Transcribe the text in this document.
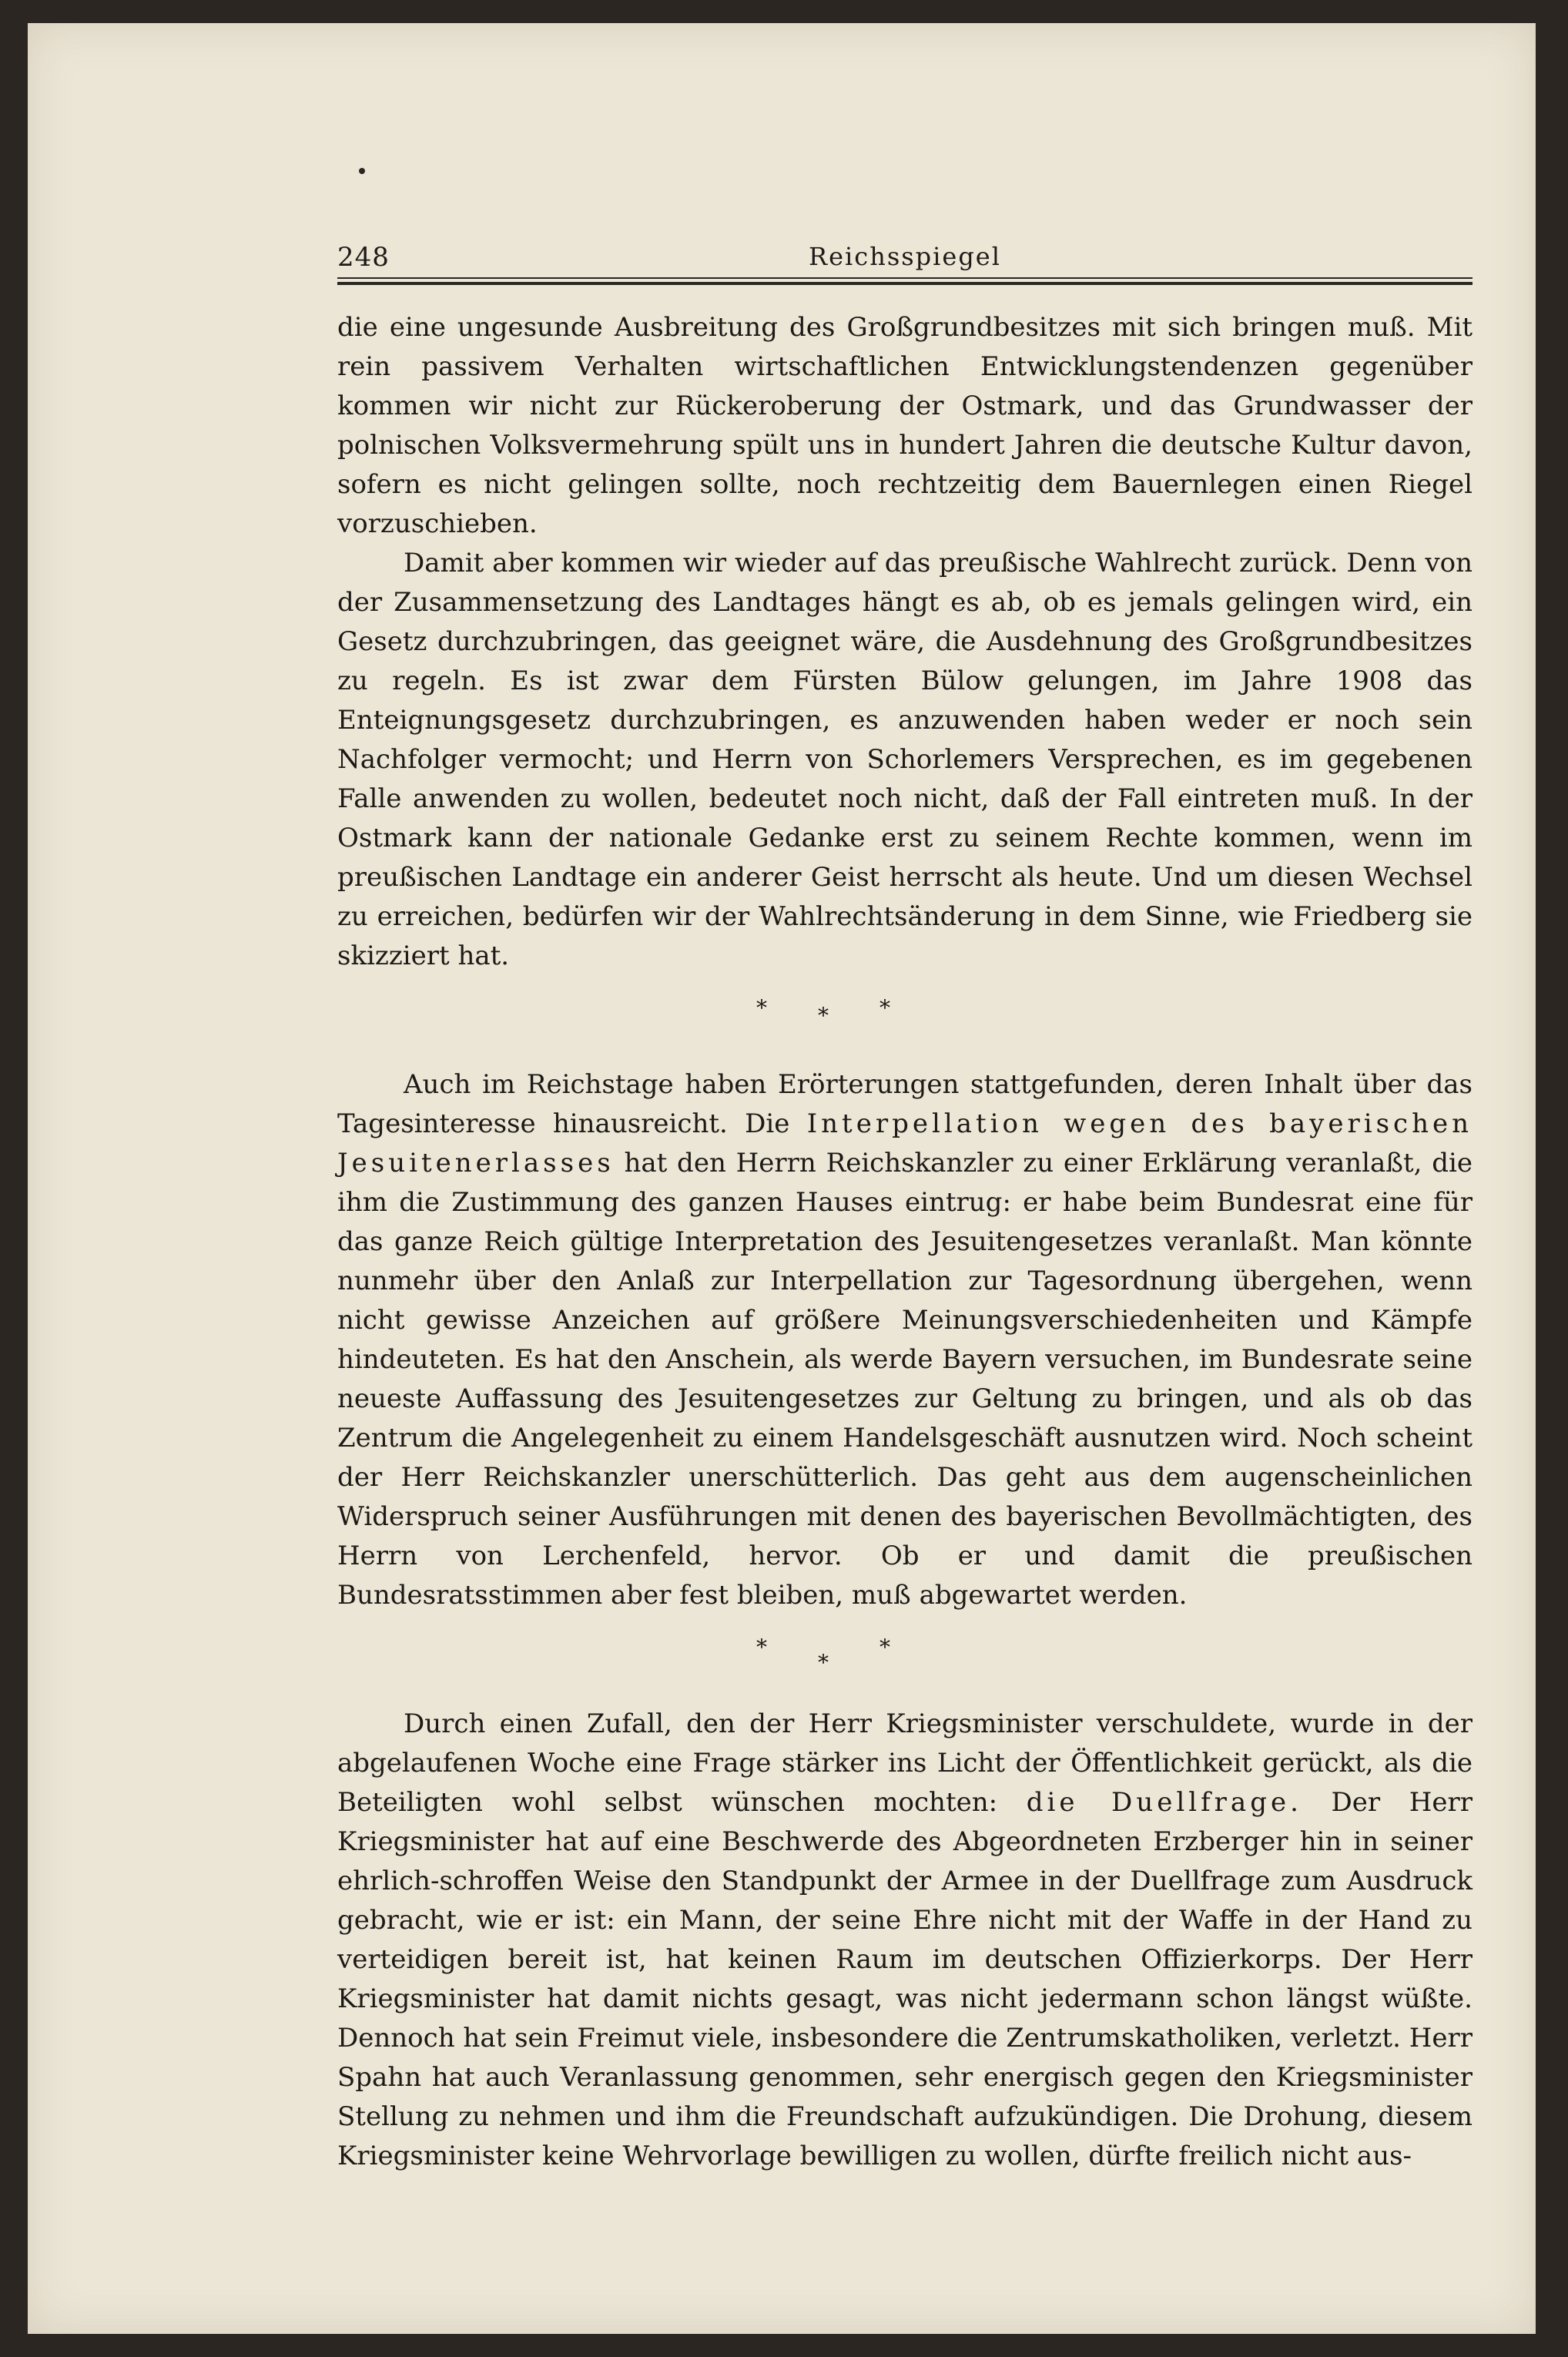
248	Reichsspiegel

die eine ungesunde Ausbreitung des Großgrundbesitzes mit sich bringen muß. Mit rein passivem Verhalten wirtschaftlichen Entwicklungstendenzen gegenüber kommen wir nicht zur Rückeroberung der Ostmark, und das Grundwasser der polnischen Volksvermehrung spült uns in hundert Jahren die deutsche Kultur davon, sofern es nicht gelingen sollte, noch rechtzeitig dem Bauernlegen einen Riegel vorzuschieben.

Damit aber kommen wir wieder auf das preußische Wahlrecht zurück. Denn von der Zusammensetzung des Landtages hängt es ab, ob es jemals gelingen wird, ein Gesetz durchzubringen, das geeignet wäre, die Ausdehnung des Großgrundbesitzes zu regeln. Es ist zwar dem Fürsten Bülow gelungen, im Jahre 1908 das Enteignungsgesetz durchzubringen, es anzuwenden haben weder er noch sein Nachfolger vermocht; und Herrn von Schorlemers Versprechen, es im gegebenen Falle anwenden zu wollen, bedeutet noch nicht, daß der Fall eintreten muß. In der Ostmark kann der nationale Gedanke erst zu seinem Rechte kommen, wenn im preußischen Landtage ein anderer Geist herrscht als heute. Und um diesen Wechsel zu erreichen, bedürfen wir der Wahlrechtsänderung in dem Sinne, wie Friedberg sie skizziert hat.

* * *

Auch im Reichstage haben Erörterungen stattgefunden, deren Inhalt über das Tagesinteresse hinausreicht. Die Interpellation wegen des bayerischen Jesuitenerlasses hat den Herrn Reichskanzler zu einer Erklärung veranlaßt, die ihm die Zustimmung des ganzen Hauses eintrug: er habe beim Bundesrat eine für das ganze Reich gültige Interpretation des Jesuitengesetzes veranlaßt. Man könnte nunmehr über den Anlaß zur Interpellation zur Tagesordnung übergehen, wenn nicht gewisse Anzeichen auf größere Meinungsverschiedenheiten und Kämpfe hindeuteten. Es hat den Anschein, als werde Bayern versuchen, im Bundesrate seine neueste Auffassung des Jesuitengesetzes zur Geltung zu bringen, und als ob das Zentrum die Angelegenheit zu einem Handelsgeschäft ausnutzen wird. Noch scheint der Herr Reichskanzler unerschütterlich. Das geht aus dem augenscheinlichen Widerspruch seiner Ausführungen mit denen des bayerischen Bevollmächtigten, des Herrn von Lerchenfeld, hervor. Ob er und damit die preußischen Bundesratsstimmen aber fest bleiben, muß abgewartet werden.

*
*
*

Durch einen Zufall, den der Herr Kriegsminister verschuldete, wurde in der abgelaufenen Woche eine Frage stärker ins Licht der Öffentlichkeit gerückt, als die Beteiligten wohl selbst wünschen mochten: die Duellfrage. Der Herr Kriegsminister hat auf eine Beschwerde des Abgeordneten Erzberger hin in seiner ehrlich-schroffen Weise den Standpunkt der Armee in der Duellfrage zum Ausdruck gebracht, wie er ist: ein Mann, der seine Ehre nicht mit der Waffe in der Hand zu verteidigen bereit ist, hat keinen Raum im deutschen Offizierkorps. Der Herr Kriegsminister hat damit nichts gesagt, was nicht jedermann schon längst wüßte. Dennoch hat sein Freimut viele, insbesondere die Zentrumskatholiken, verletzt. Herr Spahn hat auch Veranlassung genommen, sehr energisch gegen den Kriegsminister Stellung zu nehmen und ihm die Freundschaft aufzukündigen. Die Drohung, diesem Kriegsminister keine Wehrvorlage bewilligen zu wollen, dürfte freilich nicht aus-
